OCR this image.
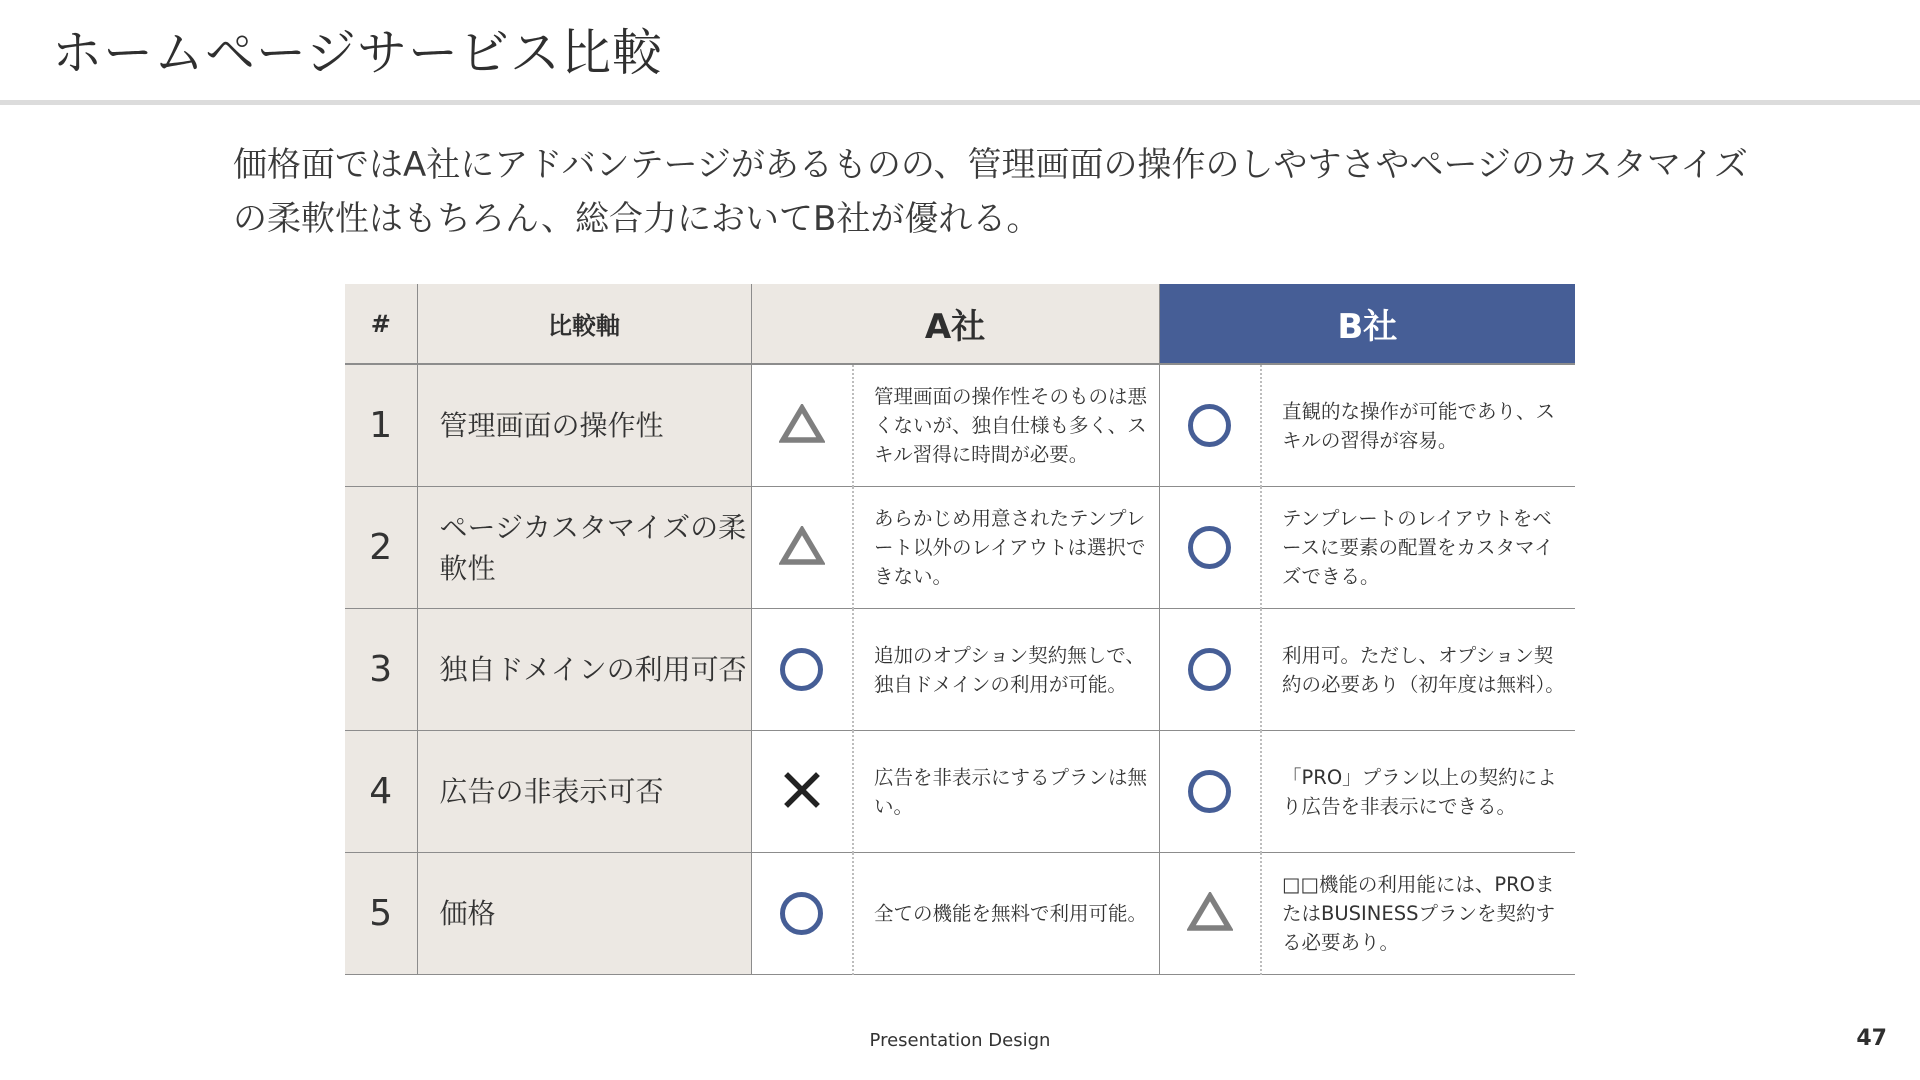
ホームページサービス比較
価格面ではA社にアドバンテージがあるものの、管理画面の操作のしやすさやページのカスタマイズの柔軟性はもちろん、総合力においてB社が優れる。
#	比較軸	A社		B社	
1	管理画面の操作性		管理画面の操作性そのものは悪くないが、独自仕様も多く、スキル習得に時間が必要。		直観的な操作が可能であり、スキルの習得が容易。
2	ページカスタマイズの柔軟性		あらかじめ用意されたテンプレート以外のレイアウトは選択できない。		テンプレートのレイアウトをベースに要素の配置をカスタマイズできる。
3	独自ドメインの利用可否		追加のオプション契約無しで、独自ドメインの利用が可能。		利用可。ただし、オプション契約の必要あり（初年度は無料）。
4	広告の非表示可否		広告を非表示にするプランは無い。		「PRO」プラン以上の契約により広告を非表示にできる。
5	価格		全ての機能を無料で利用可能。		□□機能の利用能には、PROまたはBUSINESSプランを契約する必要あり。
Presentation Design	47
